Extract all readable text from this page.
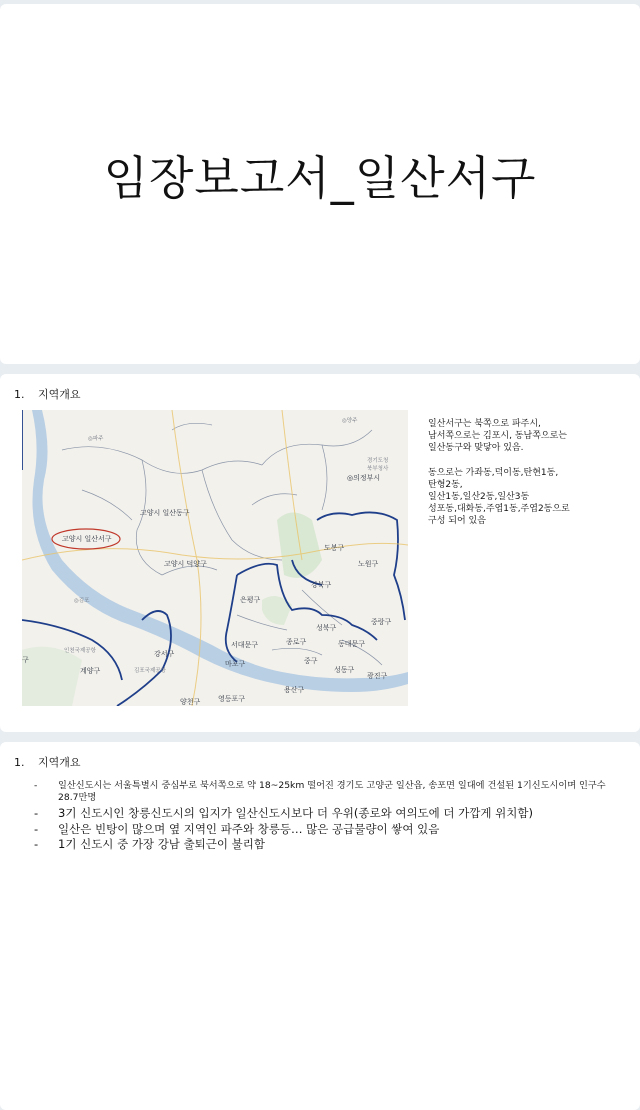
임장보고서_일산서구
1. 지역개요
고양시 일산서구
고양시 일산동구
고양시 덕양구
◎파주
◎양주
◎의정부시
경기도청
북부청사
◎김포
도봉구
노원구
강북구
은평구
성북구
중랑구
종로구	동대문구
서대문구
중구
마포구
성동구
광진구
용산구
강서구
계양구
영등포구
양천구
인천국제공항
김포국제공항
구

일산서구는 북쪽으로 파주시,

남서쪽으로는 김포시, 동남쪽으로는

일산동구와 맞닿아 있음.

동으로는 가좌동,덕이동,탄현1동,

탄형2동,

일산1동,일산2동,일산3동

성포동,대화동,주엽1동,주엽2동으로

구성 되어 있음

1. 지역개요
- 일산신도시는 서울특별시 중심부로 북서쪽으로 약 18~25km 떨어진 경기도 고양군 일산읍, 송포면 일대에 건설된 1기신도시이며 인구수 28.7만명
- 3기 신도시인 창릉신도시의 입지가 일산신도시보다 더 우위(종로와 여의도에 더 가깝게 위치함)
- 일산은 빈탕이 많으며 옆 지역인 파주와 창릉등… 많은 공급물량이 쌓여 있음
- 1기 신도시 중 가장 강남 출퇴근이 불리함
